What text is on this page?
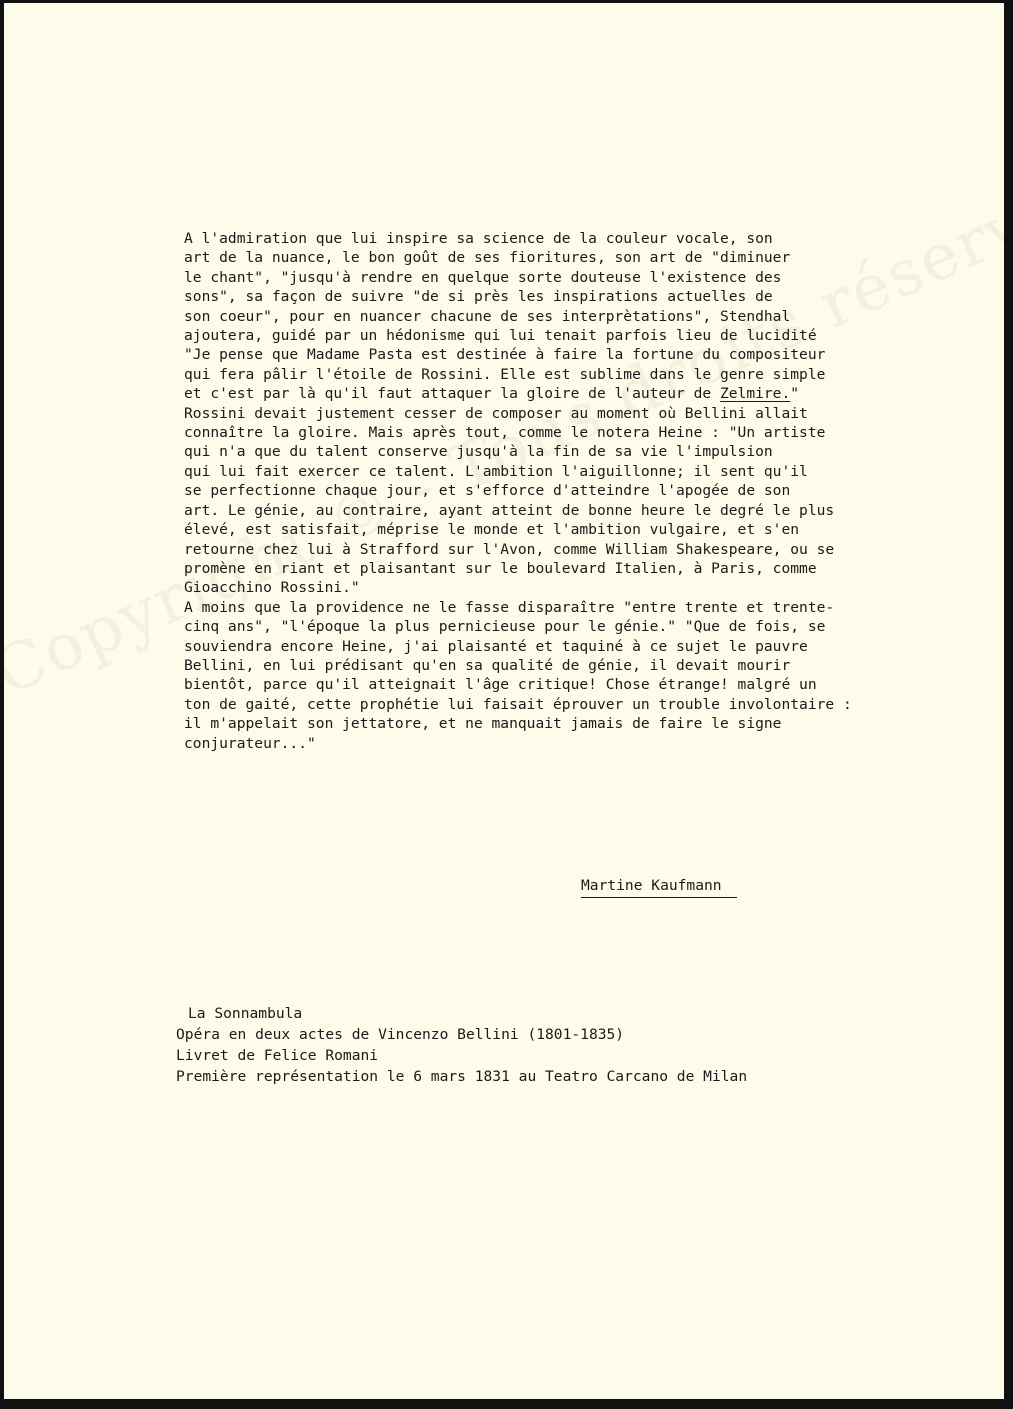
A l'admiration que lui inspire sa science de la couleur vocale, son
art de la nuance, le bon goût de ses fioritures, son art de "diminuer
le chant", "jusqu'à rendre en quelque sorte douteuse l'existence des
sons", sa façon de suivre "de si près les inspirations actuelles de
son coeur", pour en nuancer chacune de ses interprètations", Stendhal
ajoutera, guidé par un hédonisme qui lui tenait parfois lieu de lucidité
"Je pense que Madame Pasta est destinée à faire la fortune du compositeur
qui fera pâlir l'étoile de Rossini. Elle est sublime dans le genre simple
et c'est par là qu'il faut attaquer la gloire de l'auteur de Zelmire."
Rossini devait justement cesser de composer au moment où Bellini allait
connaître la gloire. Mais après tout, comme le notera Heine : "Un artiste
qui n'a que du talent conserve jusqu'à la fin de sa vie l'impulsion
qui lui fait exercer ce talent. L'ambition l'aiguillonne; il sent qu'il
se perfectionne chaque jour, et s'efforce d'atteindre l'apogée de son
art. Le génie, au contraire, ayant atteint de bonne heure le degré le plus
élevé, est satisfait, méprise le monde et l'ambition vulgaire, et s'en
retourne chez lui à Strafford sur l'Avon, comme William Shakespeare, ou se
promène en riant et plaisantant sur le boulevard Italien, à Paris, comme
Gioacchino Rossini."
A moins que la providence ne le fasse disparaître "entre trente et trente-
cinq ans", "l'époque la plus pernicieuse pour le génie." "Que de fois, se
souviendra encore Heine, j'ai plaisanté et taquiné à ce sujet le pauvre
Bellini, en lui prédisant qu'en sa qualité de génie, il devait mourir
bientôt, parce qu'il atteignait l'âge critique! Chose étrange! malgré un
ton de gaité, cette prophétie lui faisait éprouver un trouble involontaire :
il m'appelait son jettatore, et ne manquait jamais de faire le signe
conjurateur..."
Martine Kaufmann
La Sonnambula
Opéra en deux actes de Vincenzo Bellini (1801-1835)
Livret de Felice Romani
Première représentation le 6 mars 1831 au Teatro Carcano de Milan
